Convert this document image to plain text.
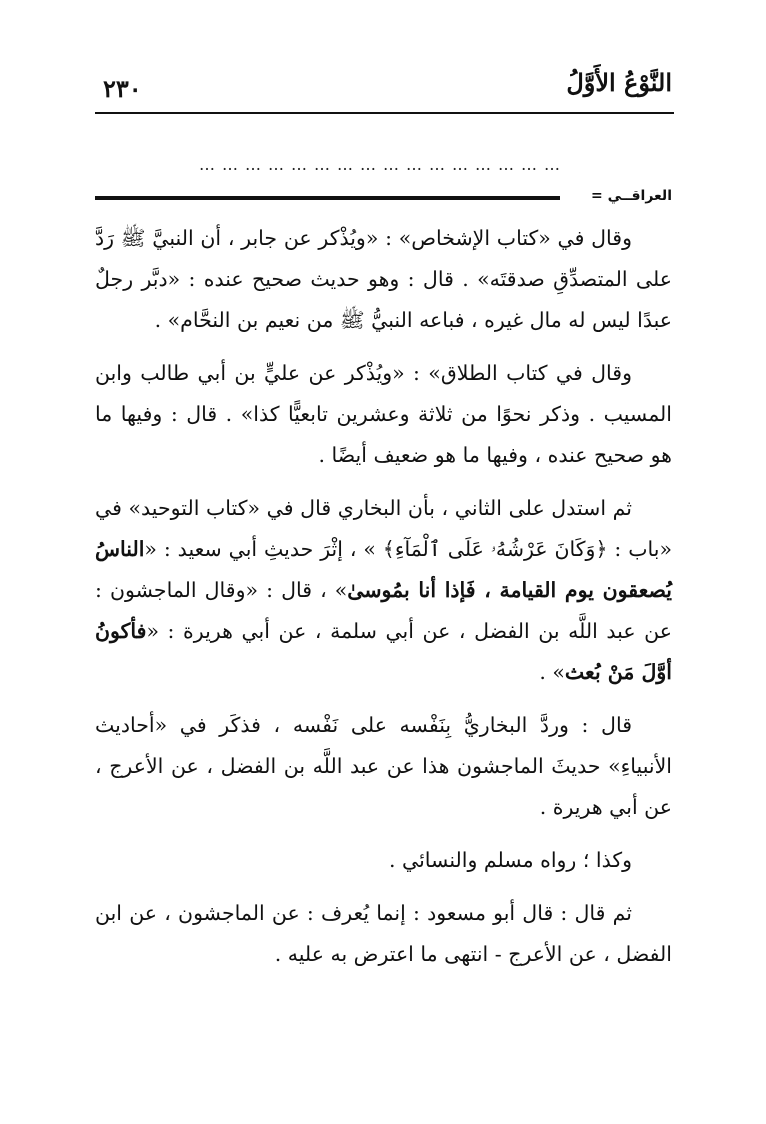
٢٣٠	النَّوْعُ الأَوَّلُ
…………………………………………
العراقــي =

وقال في «كتاب الإشخاص» : «ويُذْكر عن جابر ، أن النبيَّ ﷺ رَدَّ على المتصدِّقِ صدقتَه» . قال : وهو حديث صحيح عنده : «دبَّر رجلٌ عبدًا ليس له مال غيره ، فباعه النبيُّ ﷺ من نعيم بن النحَّام» .

وقال في كتاب الطلاق» : «ويُذْكر عن عليٍّ بن أبي طالب وابن المسيب . وذكر نحوًا من ثلاثة وعشرين تابعيًّا كذا» . قال : وفيها ما هو صحيح عنده ، وفيها ما هو ضعيف أيضًا .

ثم استدل على الثاني ، بأن البخاري قال في «كتاب التوحيد» في «باب : ﴿وَكَانَ عَرْشُهُۥ عَلَى ٱلْمَآءِ﴾ » ، إثْرَ حديثِ أبي سعيد : «الناسُ يُصعقون يوم القيامة ، فَإذا أنا بمُوسىٰ» ، قال : «وقال الماجشون : عن عبد اللَّه بن الفضل ، عن أبي سلمة ، عن أبي هريرة : «فأكونُ أوَّلَ مَنْ بُعث» .

قال : وردَّ البخاريُّ بِنَفْسه على نَفْسه ، فذكَر في «أحاديث الأنبياءِ» حديثَ الماجشون هذا عن عبد اللَّه بن الفضل ، عن الأعرج ، عن أبي هريرة .

وكذا ؛ رواه مسلم والنسائي .

ثم قال : قال أبو مسعود : إنما يُعرف : عن الماجشون ، عن ابن الفضل ، عن الأعرج - انتهى ما اعترض به عليه .
